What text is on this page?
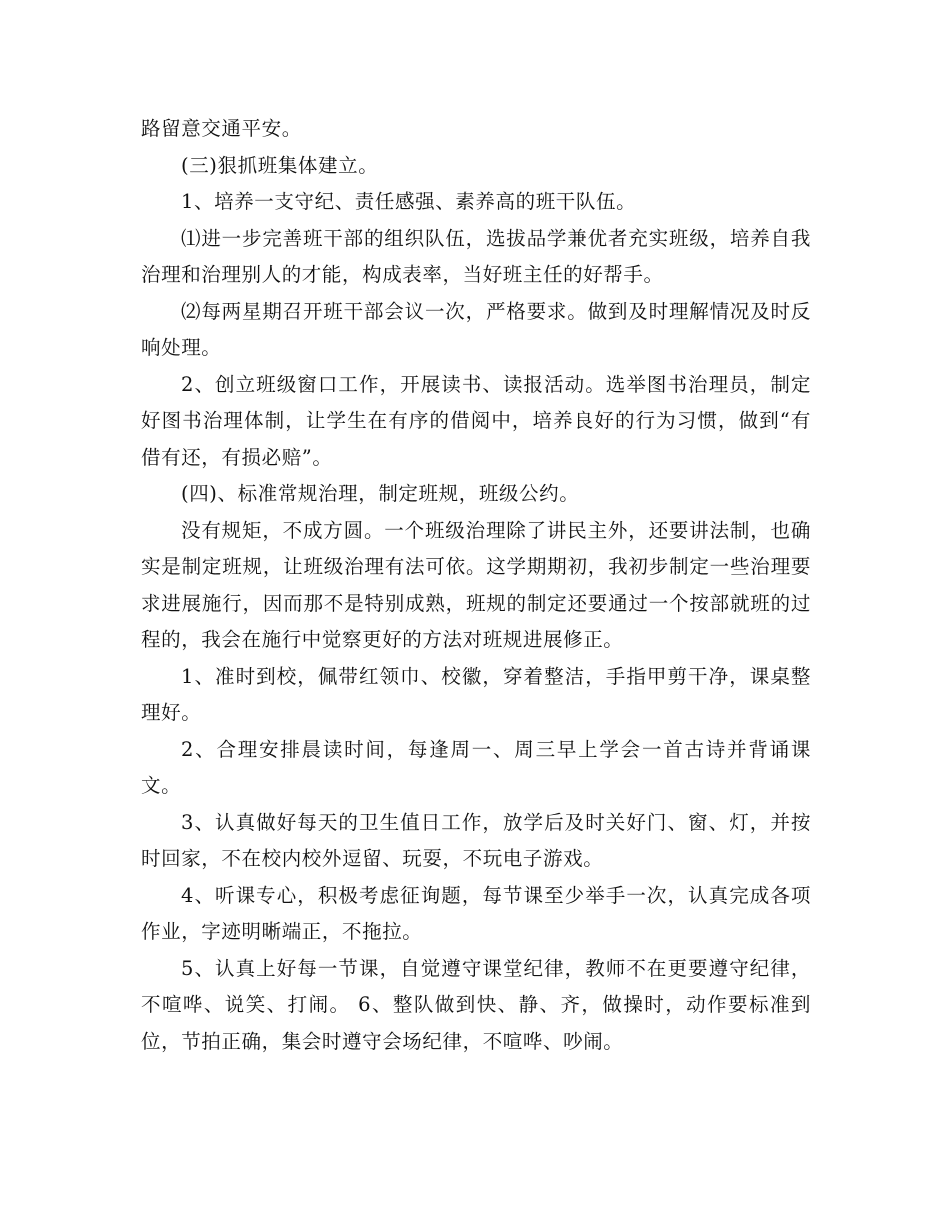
路留意交通平安。

(三)狠抓班集体建立。

1、培养一支守纪、责任感强、素养高的班干队伍。

⑴进一步完善班干部的组织队伍，选拔品学兼优者充实班级，培养自我治理和治理别人的才能，构成表率，当好班主任的好帮手。

⑵每两星期召开班干部会议一次，严格要求。做到及时理解情况及时反响处理。

2、创立班级窗口工作，开展读书、读报活动。选举图书治理员，制定好图书治理体制，让学生在有序的借阅中，培养良好的行为习惯，做到“有借有还，有损必赔”。

(四)、标准常规治理，制定班规，班级公约。

没有规矩，不成方圆。一个班级治理除了讲民主外，还要讲法制，也确实是制定班规，让班级治理有法可依。这学期期初，我初步制定一些治理要求进展施行，因而那不是特别成熟，班规的制定还要通过一个按部就班的过程的，我会在施行中觉察更好的方法对班规进展修正。

1、准时到校，佩带红领巾、校徽，穿着整洁，手指甲剪干净，课桌整理好。

2、合理安排晨读时间，每逢周一、周三早上学会一首古诗并背诵课文。

3、认真做好每天的卫生值日工作，放学后及时关好门、窗、灯，并按时回家，不在校内校外逗留、玩耍，不玩电子游戏。

4、听课专心，积极考虑征询题，每节课至少举手一次，认真完成各项作业，字迹明晰端正，不拖拉。

5、认真上好每一节课，自觉遵守课堂纪律，教师不在更要遵守纪律，不喧哗、说笑、打闹。 6、整队做到快、静、齐，做操时，动作要标准到位，节拍正确，集会时遵守会场纪律，不喧哗、吵闹。
